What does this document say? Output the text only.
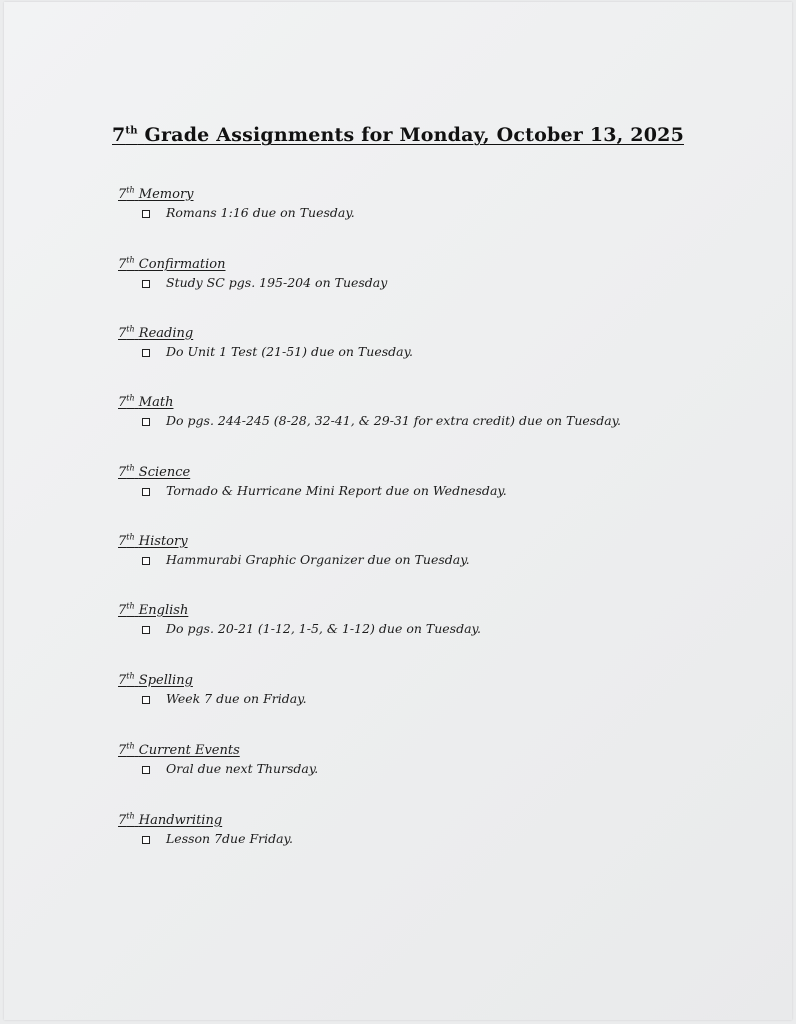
7th Grade Assignments for Monday, October 13, 2025
7th Memory
Romans 1:16 due on Tuesday.
7th Confirmation
Study SC pgs. 195-204 on Tuesday
7th Reading
Do Unit 1 Test (21-51) due on Tuesday.
7th Math
Do pgs. 244-245 (8-28, 32-41, & 29-31 for extra credit) due on Tuesday.
7th Science
Tornado & Hurricane Mini Report due on Wednesday.
7th History
Hammurabi Graphic Organizer due on Tuesday.
7th English
Do pgs. 20-21 (1-12, 1-5, & 1-12) due on Tuesday.
7th Spelling
Week 7 due on Friday.
7th Current Events
Oral due next Thursday.
7th Handwriting
Lesson 7due Friday.
